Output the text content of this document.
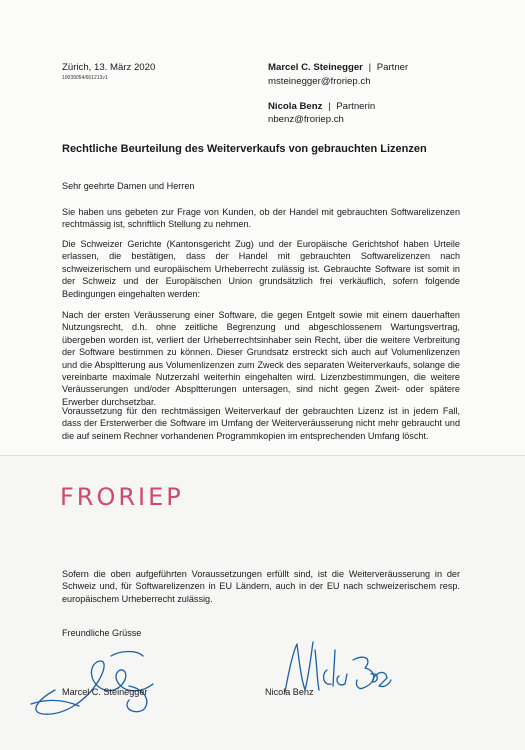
Zürich, 13. März 2020
10039054/661213v1
Marcel C. Steinegger | Partner
msteinegger@froriep.ch
Nicola Benz | Partnerin
nbenz@froriep.ch
Rechtliche Beurteilung des Weiterverkaufs von gebrauchten Lizenzen
Sehr geehrte Damen und Herren
Sie haben uns gebeten zur Frage von Kunden, ob der Handel mit gebrauchten Softwarelizenzen rechtmässig ist, schriftlich Stellung zu nehmen.
Die Schweizer Gerichte (Kantonsgericht Zug) und der Europäische Gerichtshof haben Urteile erlassen, die bestätigen, dass der Handel mit gebrauchten Softwarelizenzen nach schweizerischem und europäischem Urheberrecht zulässig ist. Gebrauchte Software ist somit in der Schweiz und der Europäischen Union grundsätzlich frei verkäuflich, sofern folgende Bedingungen eingehalten werden:
Nach der ersten Veräusserung einer Software, die gegen Entgelt sowie mit einem dauerhaften Nutzungsrecht, d.h. ohne zeitliche Begrenzung und abgeschlossenem Wartungsvertrag, übergeben worden ist, verliert der Urheberrechtsinhaber sein Recht, über die weitere Verbreitung der Software bestimmen zu können. Dieser Grundsatz erstreckt sich auch auf Volumenlizenzen und die Abspltterung aus Volumenlizenzen zum Zweck des separaten Weiterverkaufs, solange die vereinbarte maximale Nutzerzahl weiterhin eingehalten wird. Lizenzbestimmungen, die weitere Veräusserungen und/oder Abspltterungen untersagen, sind nicht gegen Zweit- oder spätere Erwerber durchsetzbar.
Voraussetzung für den rechtmässigen Weiterverkauf der gebrauchten Lizenz ist in jedem Fall, dass der Ersterwerber die Software im Umfang der Weiterveräusserung nicht mehr gebraucht und die auf seinem Rechner vorhandenen Programmkopien im entsprechenden Umfang löscht.
FRORIEP
Sofern die oben aufgeführten Voraussetzungen erfüllt sind, ist die Weiterveräusserung in der Schweiz und, für Softwarelizenzen in EU Ländern, auch in der EU nach schweizerischem resp. europäischem Urheberrecht zulässig.
Freundliche Grüsse
Marcel C. Steinegger	Nicola Benz
